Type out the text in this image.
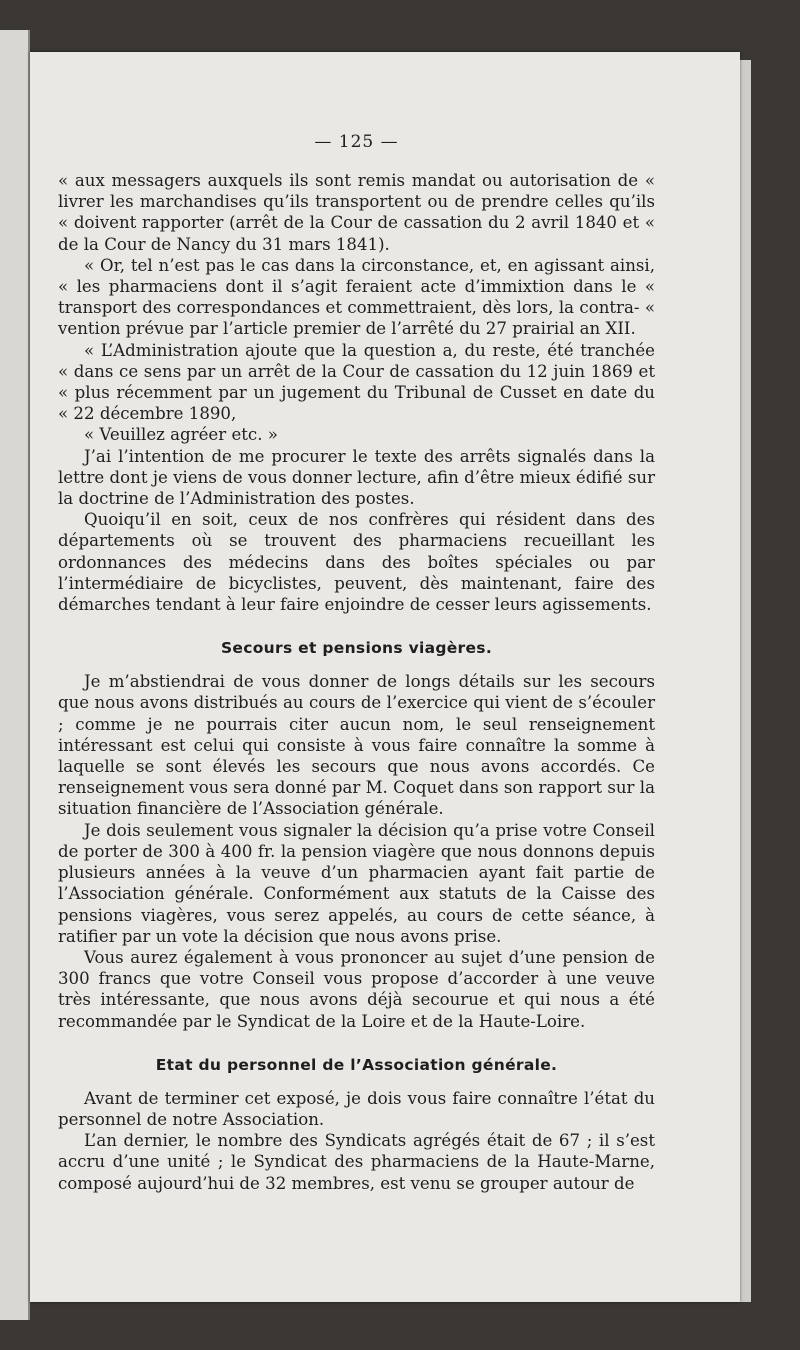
— 125 —

« aux messagers auxquels ils sont remis mandat ou autorisation de « livrer les marchandises qu’ils transportent ou de prendre celles qu’ils « doivent rapporter (arrêt de la Cour de cassation du 2 avril 1840 et « de la Cour de Nancy du 31 mars 1841).

« Or, tel n’est pas le cas dans la circonstance, et, en agissant ainsi, « les pharmaciens dont il s’agit feraient acte d’immixtion dans le « transport des correspondances et commettraient, dès lors, la contra- « vention prévue par l’article premier de l’arrêté du 27 prairial an XII.

« L’Administration ajoute que la question a, du reste, été tranchée « dans ce sens par un arrêt de la Cour de cassation du 12 juin 1869 et « plus récemment par un jugement du Tribunal de Cusset en date du « 22 décembre 1890,

« Veuillez agréer etc. »

J’ai l’intention de me procurer le texte des arrêts signalés dans la lettre dont je viens de vous donner lecture, afin d’être mieux édifié sur la doctrine de l’Administration des postes.

Quoiqu’il en soit, ceux de nos confrères qui résident dans des départements où se trouvent des pharmaciens recueillant les ordonnances des médecins dans des boîtes spéciales ou par l’intermédiaire de bicyclistes, peuvent, dès maintenant, faire des démarches tendant à leur faire enjoindre de cesser leurs agissements.

Secours et pensions viagères.

Je m’abstiendrai de vous donner de longs détails sur les secours que nous avons distribués au cours de l’exercice qui vient de s’écouler ; comme je ne pourrais citer aucun nom, le seul renseignement intéressant est celui qui consiste à vous faire connaître la somme à laquelle se sont élevés les secours que nous avons accordés. Ce renseignement vous sera donné par M. Coquet dans son rapport sur la situation financière de l’Association générale.

Je dois seulement vous signaler la décision qu’a prise votre Conseil de porter de 300 à 400 fr. la pension viagère que nous donnons depuis plusieurs années à la veuve d’un pharmacien ayant fait partie de l’Association générale. Conformément aux statuts de la Caisse des pensions viagères, vous serez appelés, au cours de cette séance, à ratifier par un vote la décision que nous avons prise.

Vous aurez également à vous prononcer au sujet d’une pension de 300 francs que votre Conseil vous propose d’accorder à une veuve très intéressante, que nous avons déjà secourue et qui nous a été recommandée par le Syndicat de la Loire et de la Haute-Loire.

Etat du personnel de l’Association générale.

Avant de terminer cet exposé, je dois vous faire connaître l’état du personnel de notre Association.

L’an dernier, le nombre des Syndicats agrégés était de 67 ; il s’est accru d’une unité ; le Syndicat des pharmaciens de la Haute-Marne, composé aujourd’hui de 32 membres, est venu se grouper autour de
